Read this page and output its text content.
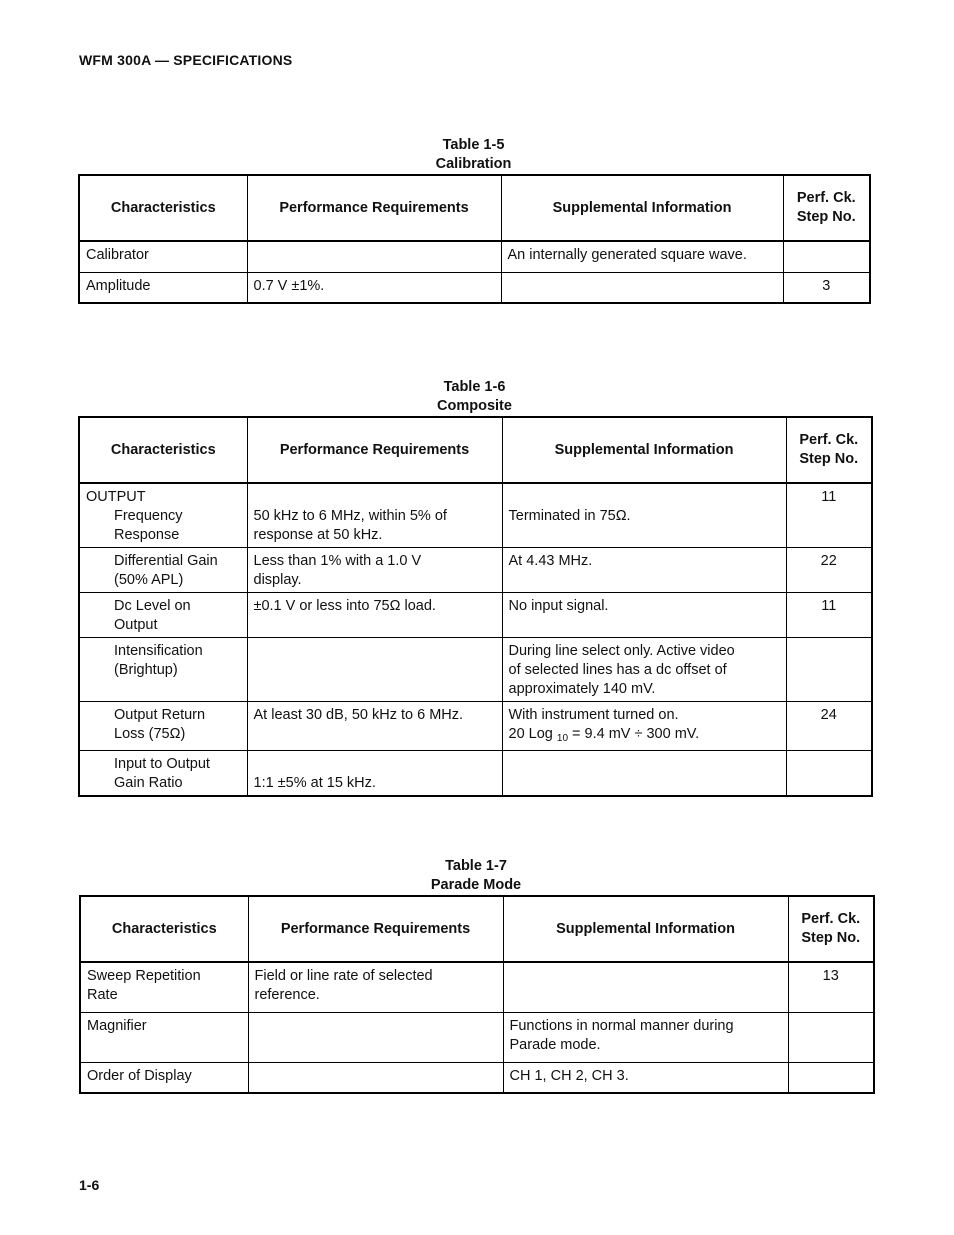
WFM 300A — SPECIFICATIONS
Table 1-5
Calibration
Characteristics	Performance Requirements	Supplemental Information	Perf. Ck.
Step No.

Calibrator		An internally generated square wave.	
Amplitude	0.7 V ±1%.		3
Table 1-6
Composite
Characteristics	Performance Requirements	Supplemental Information	Perf. Ck.
Step No.

OUTPUT
Frequency
Response	50 kHz to 6 MHz, within 5% of
response at 50 kHz.	Terminated in 75Ω.	11

Differential Gain
(50% APL)	Less than 1% with a 1.0 V
display.	At 4.43 MHz.	22

Dc Level on
Output	±0.1 V or less into 75Ω load.	No input signal.	11

Intensification
(Brightup)		During line select only. Active video
of selected lines has a dc offset of
approximately 140 mV.	

Output Return
Loss (75Ω)	At least 30 dB, 50 kHz to 6 MHz.	With instrument turned on.
20 Log $_{10}$ = 9.4 mV ÷ 300 mV.	24

Input to Output
Gain Ratio	1:1 ±5% at 15 kHz.		

Table 1-7
Parade Mode
Characteristics	Performance Requirements	Supplemental Information	Perf. Ck.
Step No.

Sweep Repetition
Rate	Field or line rate of selected
reference.		13
Magnifier		Functions in normal manner during
Parade mode.	

Order of Display		CH 1, CH 2, CH 3.	
1-6
